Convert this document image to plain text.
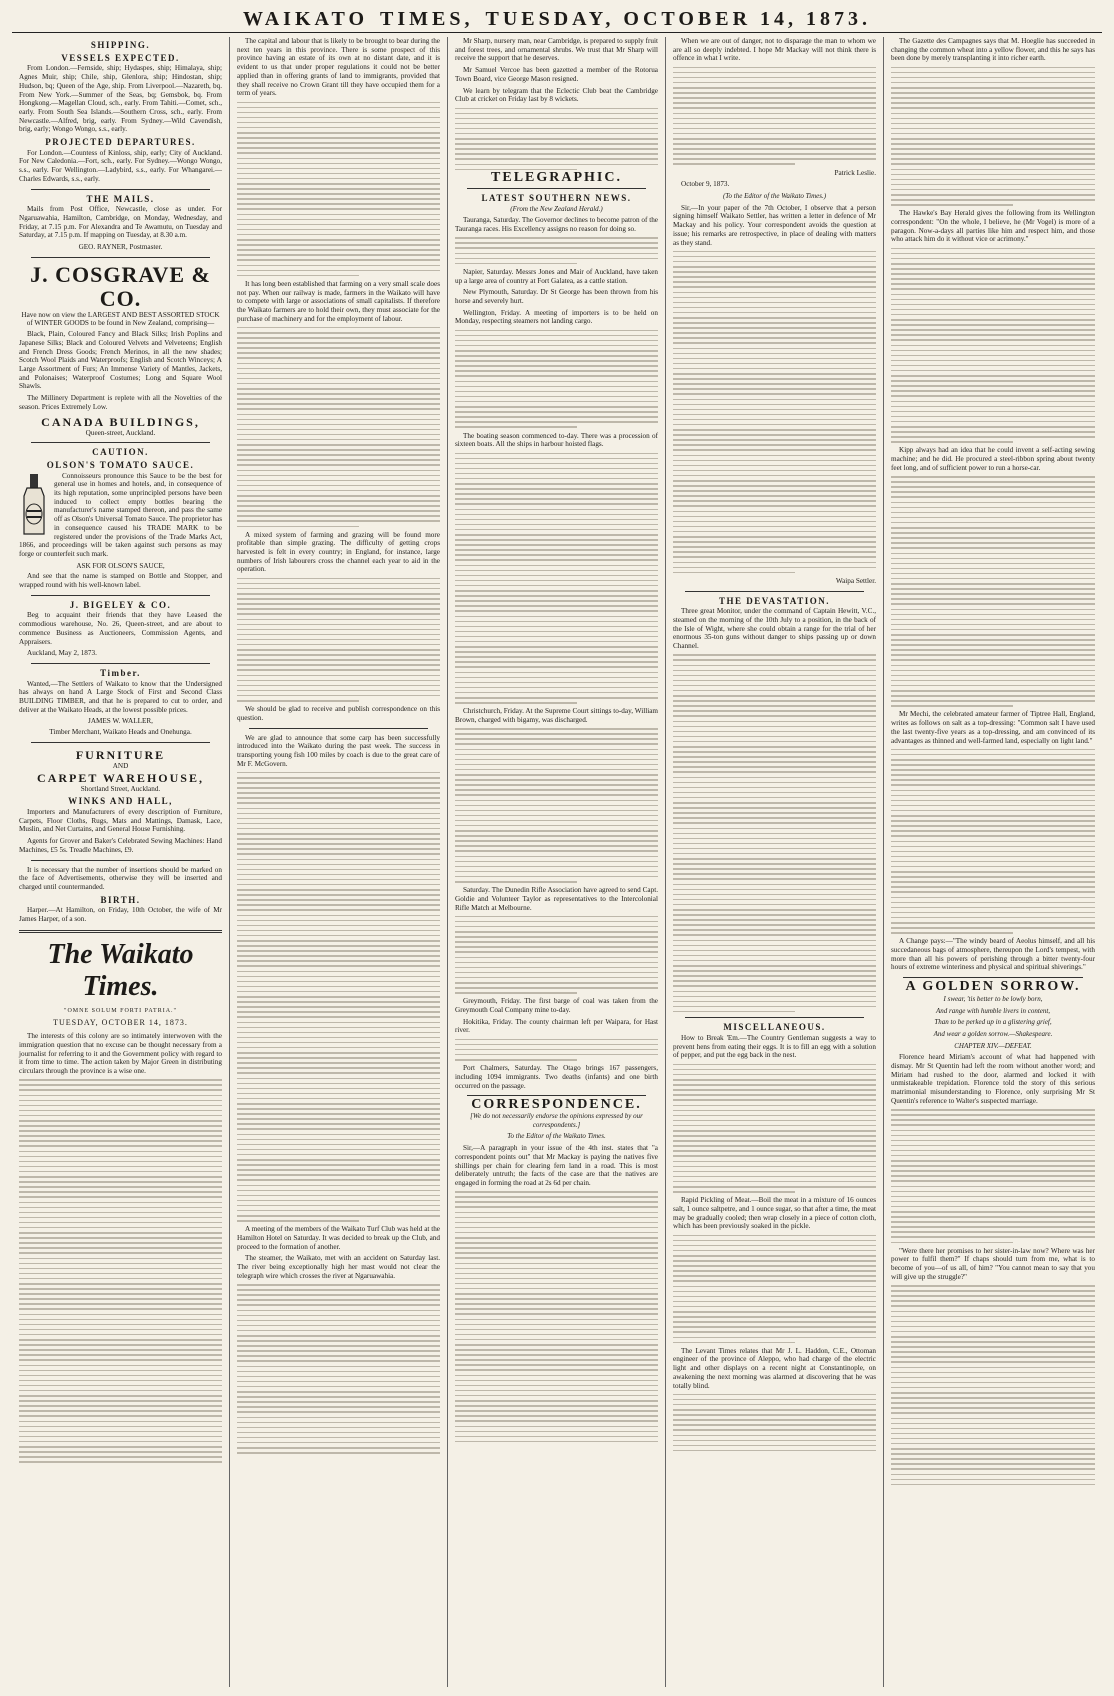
WAIKATO TIMES, TUESDAY, OCTOBER 14, 1873.
SHIPPING.
VESSELS EXPECTED.

From London.—Fernside, ship; Hydaspes, ship; Himalaya, ship; Agnes Muir, ship; Chile, ship, Glenlora, ship; Hindostan, ship; Hudson, bq; Queen of the Age, ship. From Liverpool.—Nazareth, bq. From New York.—Summer of the Seas, bq; Gemsbok, bq. From Hongkong.—Magellan Cloud, sch., early. From Tahiti.—Comet, sch., early. From South Sea Islands.—Southern Cross, sch., early. From Newcastle.—Alfred, brig, early. From Sydney.—Wild Cavendish, brig, early; Wongo Wongo, s.s., early.

PROJECTED DEPARTURES.

For London.—Countess of Kinloss, ship, early; City of Auckland. For New Caledonia.—Fort, sch., early. For Sydney.—Wongo Wongo, s.s., early. For Wellington.—Ladybird, s.s., early. For Whangarei.—Charles Edwards, s.s., early.

THE MAILS.

Mails from Post Office, Newcastle, close as under. For Ngaruawahia, Hamilton, Cambridge, on Monday, Wednesday, and Friday, at 7.15 p.m. For Alexandra and Te Awamutu, on Tuesday and Saturday, at 7.15 p.m. If mapping on Tuesday, at 8.30 a.m.

GEO. RAYNER, Postmaster.
J. COSGRAVE & CO.
Have now on view the LARGEST AND BEST ASSORTED STOCK of WINTER GOODS to be found in New Zealand, comprising—

Black, Plain, Coloured Fancy and Black Silks; Irish Poplins and Japanese Silks; Black and Coloured Velvets and Velveteens; English and French Dress Goods; French Merinos, in all the new shades; Scotch Wool Plaids and Waterproofs; English and Scotch Winceys; A Large Assortment of Furs; An Immense Variety of Mantles, Jackets, and Polonaises; Waterproof Costumes; Long and Square Wool Shawls.

The Millinery Department is replete with all the Novelties of the season. Prices Extremely Low.

CANADA BUILDINGS,
Queen-street, Auckland.
CAUTION.
OLSON'S TOMATO SAUCE.

Connoisseurs pronounce this Sauce to be the best for general use in homes and hotels, and, in consequence of its high reputation, some unprincipled persons have been induced to collect empty bottles bearing the manufacturer's name stamped thereon, and pass the same off as Olson's Universal Tomato Sauce. The proprietor has in consequence caused his TRADE MARK to be registered under the provisions of the Trade Marks Act, 1866, and proceedings will be taken against such persons as may forge or counterfeit such mark.

ASK FOR OLSON'S SAUCE,

And see that the name is stamped on Bottle and Stopper, and wrapped round with his well-known label.

J. BIGELEY & CO.

Beg to acquaint their friends that they have Leased the commodious warehouse, No. 26, Queen-street, and are about to commence Business as Auctioneers, Commission Agents, and Appraisers.

Auckland, May 2, 1873.

Timber.

Wanted,—The Settlers of Waikato to know that the Undersigned has always on hand A Large Stock of First and Second Class BUILDING TIMBER, and that he is prepared to cut to order, and deliver at the Waikato Heads, at the lowest possible prices.

JAMES W. WALLER,
Timber Merchant, Waikato Heads and Onehunga.
FURNITURE
AND
CARPET WAREHOUSE,
Shortland Street, Auckland.
WINKS AND HALL,

Importers and Manufacturers of every description of Furniture, Carpets, Floor Cloths, Rugs, Mats and Mattings, Damask, Lace, Muslin, and Net Curtains, and General House Furnishing.

Agents for Grover and Baker's Celebrated Sewing Machines: Hand Machines, £5 5s. Treadle Machines, £9.

It is necessary that the number of insertions should be marked on the face of Advertisements, otherwise they will be inserted and charged until countermanded.

BIRTH.

Harper.—At Hamilton, on Friday, 10th October, the wife of Mr James Harper, of a son.

The Waikato Times.
"OMNE SOLUM FORTI PATRIA."
TUESDAY, OCTOBER 14, 1873.

The interests of this colony are so intimately interwoven with the immigration question that no excuse can be thought necessary from a journalist for referring to it and the Government policy with regard to it from time to time. The action taken by Major Green in distributing circulars through the province is a wise one.

The capital and labour that is likely to be brought to bear during the next ten years in this province. There is some prospect of this province having an estate of its own at no distant date, and it is evident to us that under proper regulations it could not be better applied than in offering grants of land to immigrants, provided that they shall receive no Crown Grant till they have occupied them for a term of years.

It has long been established that farming on a very small scale does not pay. When our railway is made, farmers in the Waikato will have to compete with large or associations of small capitalists. If therefore the Waikato farmers are to hold their own, they must associate for the purchase of machinery and for the employment of labour.

A mixed system of farming and grazing will be found more profitable than simple grazing. The difficulty of getting crops harvested is felt in every country; in England, for instance, large numbers of Irish labourers cross the channel each year to aid in the operation.

We should be glad to receive and publish correspondence on this question.

We are glad to announce that some carp has been successfully introduced into the Waikato during the past week. The success in transporting young fish 100 miles by coach is due to the great care of Mr F. McGovern.

A meeting of the members of the Waikato Turf Club was held at the Hamilton Hotel on Saturday. It was decided to break up the Club, and proceed to the formation of another.

The steamer, the Waikato, met with an accident on Saturday last. The river being exceptionally high her mast would not clear the telegraph wire which crosses the river at Ngaruawahia.

Mr Sharp, nursery man, near Cambridge, is prepared to supply fruit and forest trees, and ornamental shrubs. We trust that Mr Sharp will receive the support that he deserves.

Mr Samuel Vercoe has been gazetted a member of the Rotorua Town Board, vice George Mason resigned.

We learn by telegram that the Eclectic Club beat the Cambridge Club at cricket on Friday last by 8 wickets.

TELEGRAPHIC.
LATEST SOUTHERN NEWS.
(From the New Zealand Herald.)

Tauranga, Saturday. The Governor declines to become patron of the Tauranga races. His Excellency assigns no reason for doing so.

Napier, Saturday. Messrs Jones and Mair of Auckland, have taken up a large area of country at Fort Galatea, as a cattle station.

New Plymouth, Saturday. Dr St George has been thrown from his horse and severely hurt.

Wellington, Friday. A meeting of importers is to be held on Monday, respecting steamers not landing cargo.

The boating season commenced to-day. There was a procession of sixteen boats. All the ships in harbour hoisted flags.

Christchurch, Friday. At the Supreme Court sittings to-day, William Brown, charged with bigamy, was discharged.

Saturday. The Dunedin Rifle Association have agreed to send Capt. Goldie and Volunteer Taylor as representatives to the Intercolonial Rifle Match at Melbourne.

Greymouth, Friday. The first barge of coal was taken from the Greymouth Coal Company mine to-day.

Hokitika, Friday. The county chairman left per Waipara, for Hast river.

Port Chalmers, Saturday. The Otago brings 167 passengers, including 1094 immigrants. Two deaths (infants) and one birth occurred on the passage.

CORRESPONDENCE.
[We do not necessarily endorse the opinions expressed by our correspondents.]
To the Editor of the Waikato Times.

Sir,—A paragraph in your issue of the 4th inst. states that "a correspondent points out" that Mr Mackay is paying the natives five shillings per chain for clearing fern land in a road. This is most deliberately untruth; the facts of the case are that the natives are engaged in forming the road at 2s 6d per chain.

When we are out of danger, not to disparage the man to whom we are all so deeply indebted. I hope Mr Mackay will not think there is offence in what I write.

Patrick Leslie.

October 9, 1873.

(To the Editor of the Waikato Times.)

Sir,—In your paper of the 7th October, I observe that a person signing himself Waikato Settler, has written a letter in defence of Mr Mackay and his policy. Your correspondent avoids the question at issue; his remarks are retrospective, in place of dealing with matters as they stand.

Waipa Settler.

THE DEVASTATION.

Three great Monitor, under the command of Captain Hewitt, V.C., steamed on the morning of the 10th July to a position, in the back of the Isle of Wight, where she could obtain a range for the trial of her enormous 35-ton guns without danger to ships passing up or down Channel.

MISCELLANEOUS.

How to Break 'Em.—The Country Gentleman suggests a way to prevent hens from eating their eggs. It is to fill an egg with a solution of pepper, and put the egg back in the nest.

Rapid Pickling of Meat.—Boil the meat in a mixture of 16 ounces salt, 1 ounce saltpetre, and 1 ounce sugar, so that after a time, the meat may be gradually cooled; then wrap closely in a piece of cotton cloth, which has been previously soaked in the pickle.

The Levant Times relates that Mr J. L. Haddon, C.E., Ottoman engineer of the province of Aleppo, who had charge of the electric light and other displays on a recent night at Constantinople, on awakening the next morning was alarmed at discovering that he was totally blind.

The Gazette des Campagnes says that M. Hoeglie has succeeded in changing the common wheat into a yellow flower, and this he says has been done by merely transplanting it into richer earth.

The Hawke's Bay Herald gives the following from its Wellington correspondent: "On the whole, I believe, he (Mr Vogel) is more of a paragon. Now-a-days all parties like him and respect him, and those who attack him do it without vice or acrimony."

Kipp always had an idea that he could invent a self-acting sewing machine; and he did. He procured a steel-ribbon spring about twenty feet long, and of sufficient power to run a horse-car.

Mr Mechi, the celebrated amateur farmer of Tiptree Hall, England, writes as follows on salt as a top-dressing: "Common salt I have used the last twenty-five years as a top-dressing, and am convinced of its advantages as thinned and well-farmed land, especially on light land."

A Change pays:—"The windy beard of Aeolus himself, and all his succedaneous bags of atmosphere, thereupon the Lord's tempest, with more than all his powers of perishing through a bitter twenty-four hours of extreme winteriness and physical and spiritual shiverings."

A GOLDEN SORROW.
I swear, 'tis better to be lowly born,
And range with humble livers in content,
Than to be perked up in a glistering grief,
And wear a golden sorrow.—Shakespeare.
CHAPTER XIV.—DEFEAT.

Florence heard Miriam's account of what had happened with dismay. Mr St Quentin had left the room without another word; and Miriam had rushed to the door, alarmed and locked it with unmistakeable trepidation. Florence told the story of this serious matrimonial misunderstanding to Florence, only surprising Mr St Quentin's reference to Walter's suspected marriage.

"Were there her promises to her sister-in-law now? Where was her power to fulfil them?" If chaps should turn from me, what is to become of you—of us all, of him? "You cannot mean to say that you will give up the struggle?"
